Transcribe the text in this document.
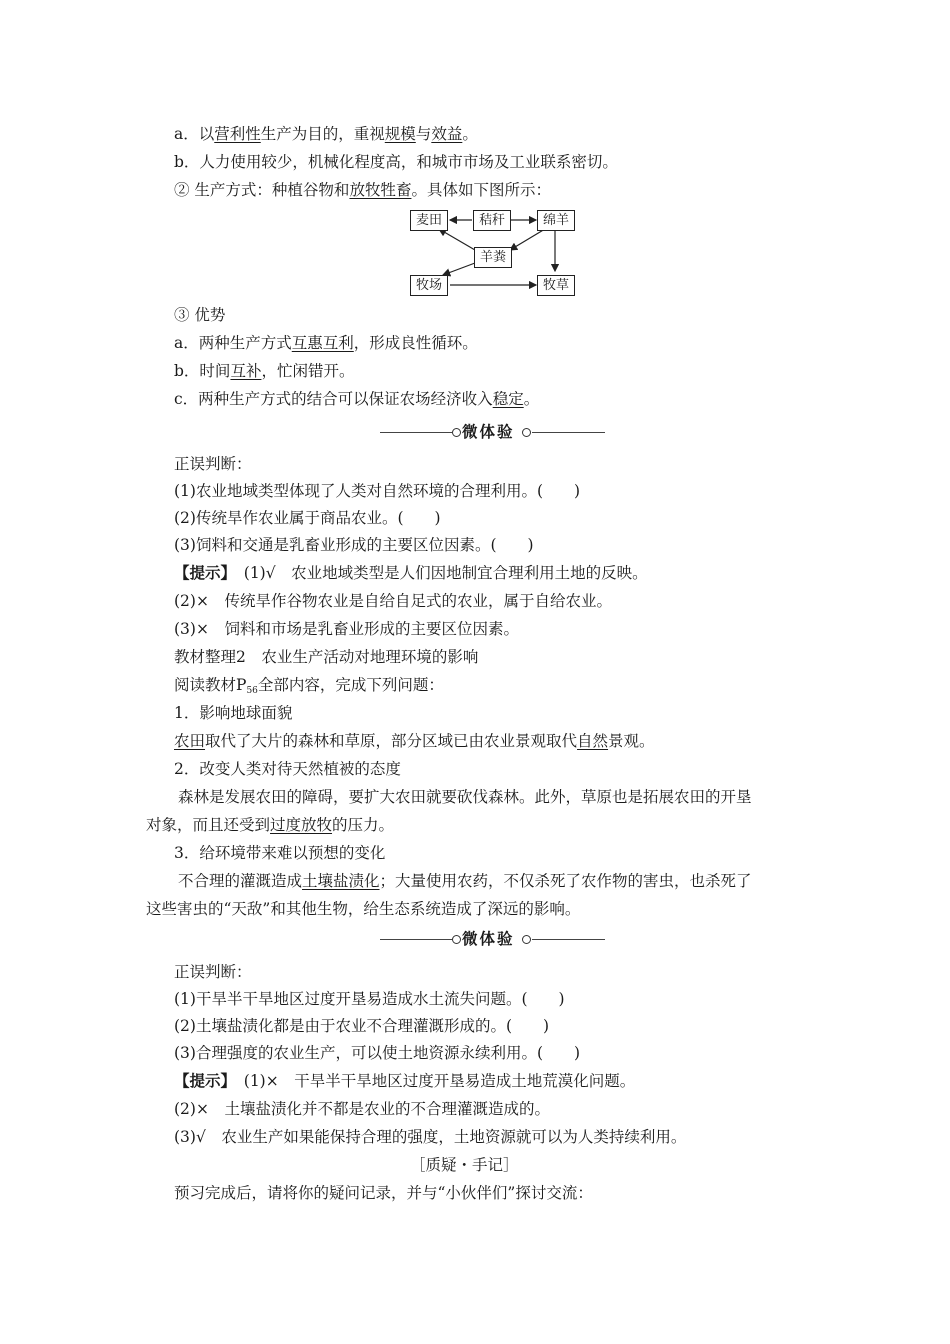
a．以营利性生产为目的，重视规模与效益。
b．人力使用较少，机械化程度高，和城市市场及工业联系密切。
② 生产方式：种植谷物和放牧牲畜。具体如下图所示：
麦田	秸秆	绵羊
羊粪
牧场	牧草
③ 优势
a．两种生产方式互惠互利，形成良性循环。
b．时间互补，忙闲错开。
c．两种生产方式的结合可以保证农场经济收入稳定。
微体验
正误判断：
(1)农业地域类型体现了人类对自然环境的合理利用。(　　)
(2)传统旱作农业属于商品农业。(　　)
(3)饲料和交通是乳畜业形成的主要区位因素。(　　)
【提示】　(1)√　农业地域类型是人们因地制宜合理利用土地的反映。
(2)×　传统旱作谷物农业是自给自足式的农业，属于自给农业。
(3)×　饲料和市场是乳畜业形成的主要区位因素。
教材整理2　农业生产活动对地理环境的影响
阅读教材$P_{56}$全部内容，完成下列问题：
1．影响地球面貌
农田取代了大片的森林和草原，部分区域已由农业景观取代自然景观。
2．改变人类对待天然植被的态度
森林是发展农田的障碍，要扩大农田就要砍伐森林。此外，草原也是拓展农田的开垦
对象，而且还受到过度放牧的压力。
3．给环境带来难以预想的变化
不合理的灌溉造成土壤盐渍化；大量使用农药，不仅杀死了农作物的害虫，也杀死了
这些害虫的“天敌”和其他生物，给生态系统造成了深远的影响。
微体验
正误判断：
(1)干旱半干旱地区过度开垦易造成水土流失问题。(　　)
(2)土壤盐渍化都是由于农业不合理灌溉形成的。(　　)
(3)合理强度的农业生产，可以使土地资源永续利用。(　　)
【提示】　(1)×　干旱半干旱地区过度开垦易造成土地荒漠化问题。
(2)×　土壤盐渍化并不都是农业的不合理灌溉造成的。
(3)√　农业生产如果能保持合理的强度，土地资源就可以为人类持续利用。
［质疑・手记］
预习完成后，请将你的疑问记录，并与“小伙伴们”探讨交流：
